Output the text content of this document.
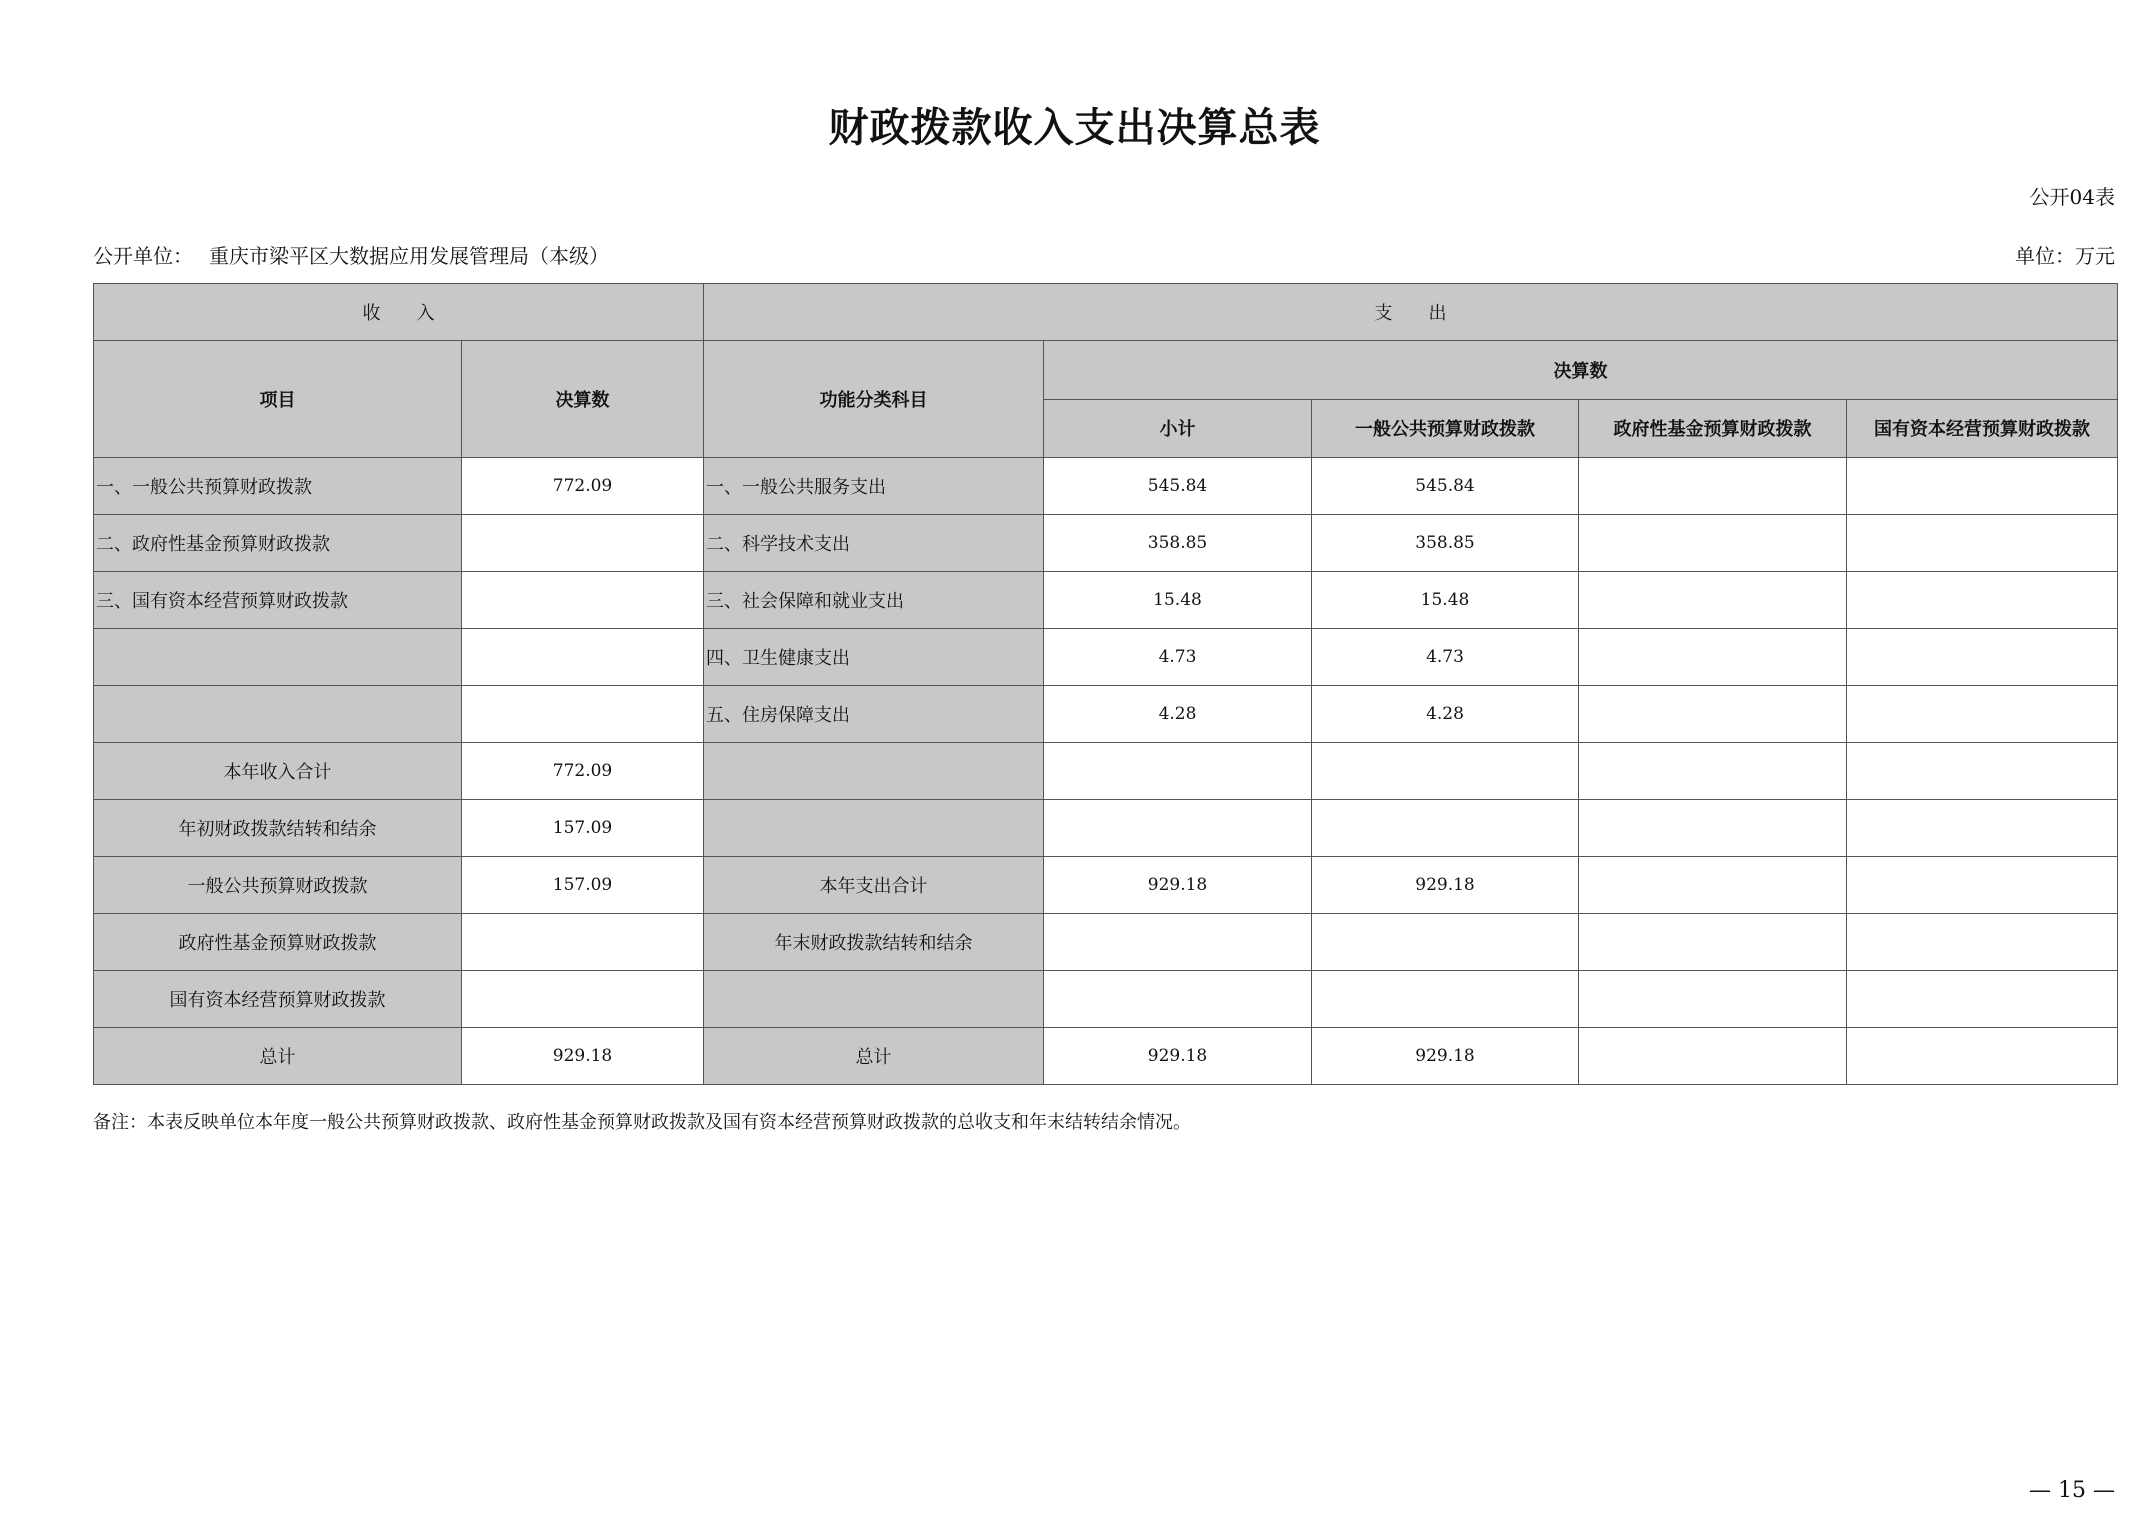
财政拨款收入支出决算总表
公开04表
公开单位： 重庆市梁平区大数据应用发展管理局（本级）	单位：万元
收　　入		支　　出				
项目	决算数	功能分类科目	决算数			
			小计	一般公共预算财政拨款	政府性基金预算财政拨款	国有资本经营预算财政拨款
一、一般公共预算财政拨款	772.09	一、一般公共服务支出	545.84	545.84		
二、政府性基金预算财政拨款		二、科学技术支出	358.85	358.85		
三、国有资本经营预算财政拨款		三、社会保障和就业支出	15.48	15.48		
		四、卫生健康支出	4.73	4.73		
		五、住房保障支出	4.28	4.28		
本年收入合计	772.09					
年初财政拨款结转和结余	157.09					
一般公共预算财政拨款	157.09	本年支出合计	929.18	929.18		
政府性基金预算财政拨款		年末财政拨款结转和结余				
国有资本经营预算财政拨款						
总计	929.18	总计	929.18	929.18		
备注：本表反映单位本年度一般公共预算财政拨款、政府性基金预算财政拨款及国有资本经营预算财政拨款的总收支和年末结转结余情况。
— 15 —
